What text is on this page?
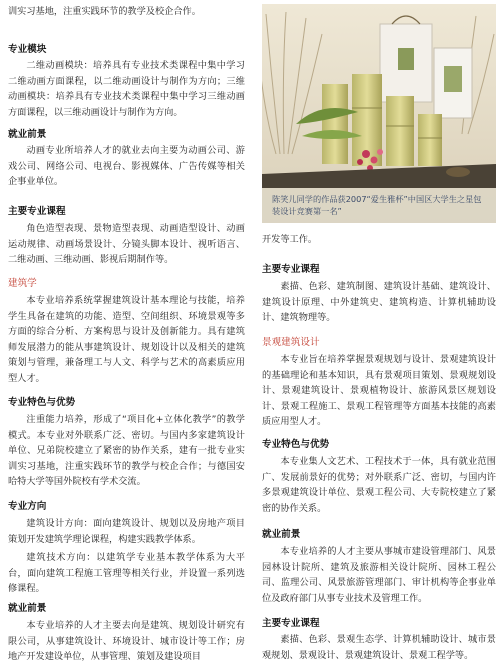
训实习基地，注重实践环节的教学及校企合作。

专业模块

二维动画模块：培养具有专业技术类课程中集中学习二维动画方面课程，以二维动画设计与制作为方向；三维动画模块：培养具有专业技术类课程中集中学习三维动画方面课程，以三维动画设计与制作为方向。

就业前景

动画专业所培养人才的就业去向主要为动画公司、游戏公司、网络公司、电视台、影视媒体、广告传媒等相关企事业单位。

主要专业课程

角色造型表现、景物造型表现、动画造型设计、动画运动规律、动画场景设计、分镜头脚本设计、视听语言、二维动画、三维动画、影视后期制作等。

建筑学

本专业培养系统掌握建筑设计基本理论与技能，培养学生具备在建筑的功能、造型、空间组织、环境景观等多方面的综合分析、方案构思与设计及创新能力。具有建筑师发展潜力的能从事建筑设计、规划设计以及相关的建筑策划与管理，兼备理工与人文、科学与艺术的高素质应用型人才。

专业特色与优势

注重能力培养，形成了“项目化+立体化教学”的教学模式。本专业对外联系广泛、密切。与国内多家建筑设计单位、兄弟院校建立了紧密的协作关系，建有一批专业实训实习基地，注重实践环节的教学与校企合作；与德国安哈特大学等国外院校有学术交流。

专业方向

建筑设计方向：面向建筑设计、规划以及房地产项目策划开发建筑学理论课程，构建实践教学体系。

建筑技术方向：以建筑学专业基本教学体系为大平台，面向建筑工程施工管理等相关行业，并设置一系列选修课程。

就业前景

本专业培养的人才主要去向是建筑、规划设计研究有限公司，从事建筑设计、环境设计、城市设计等工作；房地产开发建设单位，从事管理、策划及建设项目

陈笑儿同学的作品获2007“爱生雅杯”中国区大学生之星包装设计竞赛第一名”

开发等工作。

主要专业课程

素描、色彩、建筑制图、建筑设计基础、建筑设计、建筑设计原理、中外建筑史、建筑构造、计算机辅助设计、建筑物理等。

景观建筑设计

本专业旨在培养掌握景观规划与设计、景观建筑设计的基础理论和基本知识，具有景观项目策划、景观规划设计、景观建筑设计、景观植物设计、旅游风景区规划设计、景观工程施工、景观工程管理等方面基本技能的高素质应用型人才。

专业特色与优势

本专业集人文艺术、工程技术于一体，具有就业范围广、发展前景好的优势；对外联系广泛、密切，与国内许多景观建筑设计单位、景观工程公司、大专院校建立了紧密的协作关系。

就业前景

本专业培养的人才主要从事城市建设管理部门、风景园林设计院所、建筑及旅游相关设计院所、园林工程公司、监理公司、风景旅游管理部门、审计机构等企事业单位及政府部门从事专业技术及管理工作。

主要专业课程

素描、色彩、景观生态学、计算机辅助设计、城市景观规划、景观设计、景观建筑设计、景观工程学等。
